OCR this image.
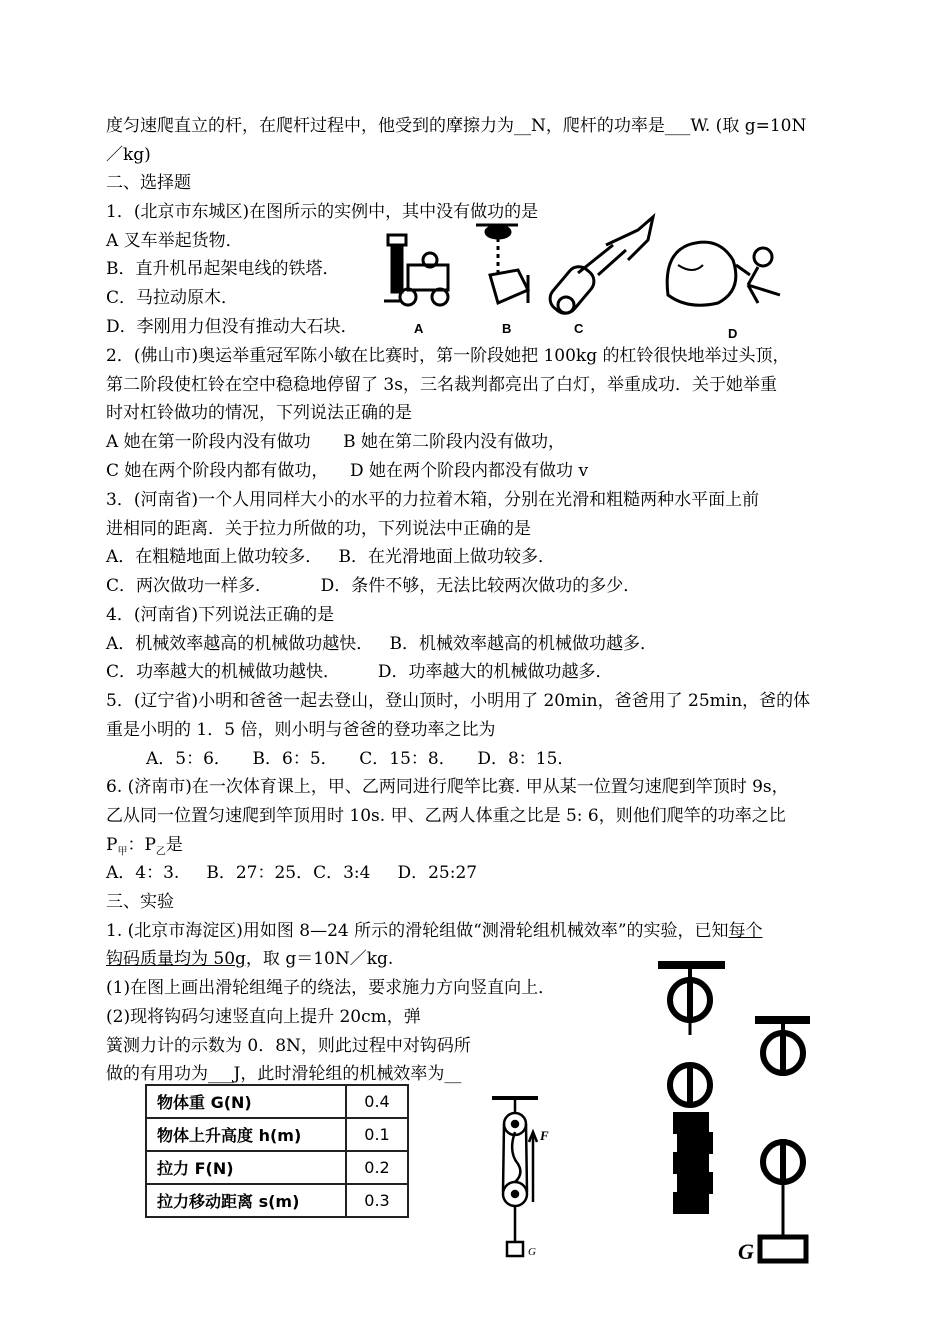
度匀速爬直立的杆，在爬杆过程中，他受到的摩擦力为__N，爬杆的功率是___W. (取 g=10N
／kg)
二、选择题
1．(北京市东城区)在图所示的实例中，其中没有做功的是
A 叉车举起货物．
B．直升机吊起架电线的铁塔．
C．马拉动原木．
D．李刚用力但没有推动大石块．
2．(佛山市)奥运举重冠军陈小敏在比赛时，第一阶段她把 100kg 的杠铃很快地举过头顶，
第二阶段使杠铃在空中稳稳地停留了 3s，三名裁判都亮出了白灯，举重成功．关于她举重
时对杠铃做功的情况，下列说法正确的是
A 她在第一阶段内没有做功      B 她在第二阶段内没有做功，
C 她在两个阶段内都有做功，    D 她在两个阶段内都没有做功 v
3．(河南省)一个人用同样大小的水平的力拉着木箱，分别在光滑和粗糙两种水平面上前
进相同的距离．关于拉力所做的功，下列说法中正确的是
A．在粗糙地面上做功较多．   B．在光滑地面上做功较多．
C．两次做功一样多．         D．条件不够，无法比较两次做功的多少．
4．(河南省)下列说法正确的是
A．机械效率越高的机械做功越快．   B．机械效率越高的机械做功越多．
C．功率越大的机械做功越快．       D．功率越大的机械做功越多．
5．(辽宁省)小明和爸爸一起去登山，登山顶时，小明用了 20min，爸爸用了 25min，爸的体
重是小明的 1．5 倍，则小明与爸爸的登功率之比为
A．5：6．    B．6：5．    C．15：8．    D．8：15．
6. (济南市)在一次体育课上，甲、乙两同进行爬竿比赛. 甲从某一位置匀速爬到竿顶时 9s，
乙从同一位置匀速爬到竿顶用时 10s. 甲、乙两人体重之比是 5: 6，则他们爬竿的功率之比
$P_甲$：$P_乙$是
A．4：3.     B．27：25．C．3:4     D．25:27
三、实验
1. (北京市海淀区)用如图 8—24 所示的滑轮组做“测滑轮组机械效率”的实验，已知每个
钩码质量均为 50g，取 g＝10N／kg.
(1)在图上画出滑轮组绳子的绕法，要求施力方向竖直向上．
(2)现将钩码匀速竖直向上提升 20cm，弹
簧测力计的示数为 0．8N，则此过程中对钩码所
做的有用功为___J，此时滑轮组的机械效率为__
A	B	C	D
物体重 G(N)	0.4
物体上升高度 h(m)	0.1
拉力 F(N)	0.2
拉力移动距离 s(m)	0.3
F
G	G
